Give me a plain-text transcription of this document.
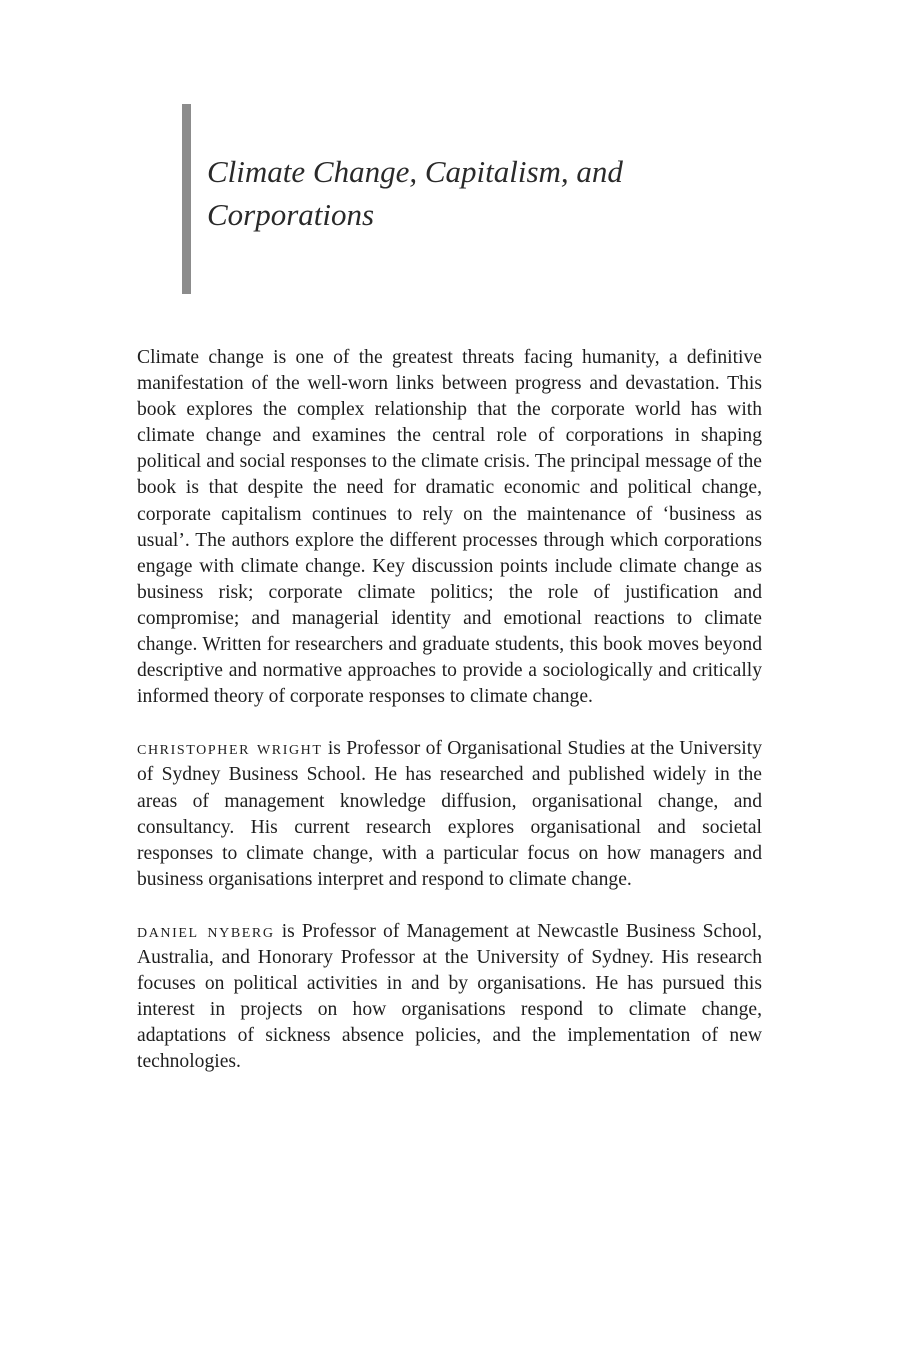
Climate Change, Capitalism, and Corporations

Climate change is one of the greatest threats facing humanity, a definitive manifestation of the well-worn links between progress and devastation. This book explores the complex relationship that the corporate world has with climate change and examines the central role of corporations in shaping political and social responses to the climate crisis. The principal message of the book is that despite the need for dramatic economic and political change, corporate capitalism continues to rely on the maintenance of ‘business as usual’. The authors explore the different processes through which corporations engage with climate change. Key discussion points include climate change as business risk; corporate climate politics; the role of justification and compromise; and managerial identity and emotional reactions to climate change. Written for researchers and graduate students, this book moves beyond descriptive and normative approaches to provide a sociologically and critically informed theory of corporate responses to climate change.

christopher wright is Professor of Organisational Studies at the University of Sydney Business School. He has researched and published widely in the areas of management knowledge diffusion, organisational change, and consultancy. His current research explores organisational and societal responses to climate change, with a particular focus on how managers and business organisations interpret and respond to climate change.

daniel nyberg is Professor of Management at Newcastle Business School, Australia, and Honorary Professor at the University of Sydney. His research focuses on political activities in and by organisations. He has pursued this interest in projects on how organisations respond to climate change, adaptations of sickness absence policies, and the implementation of new technologies.
